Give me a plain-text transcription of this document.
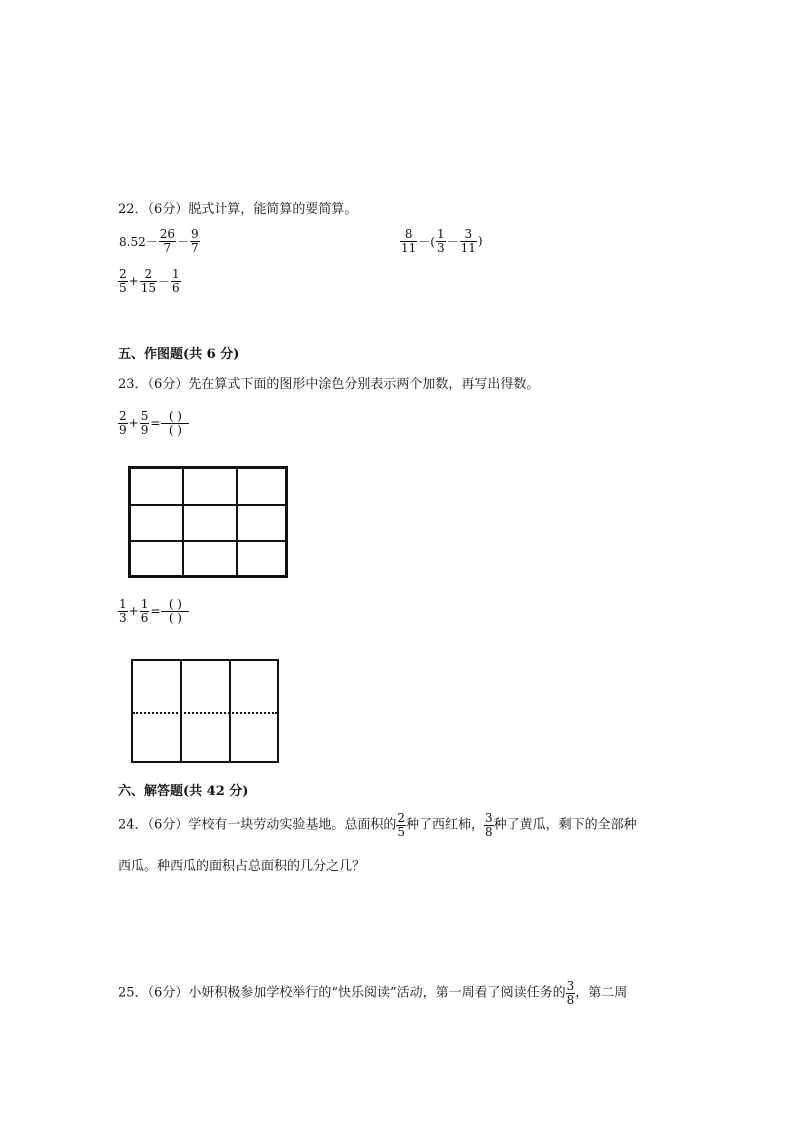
22．（6分）脱式计算，能简算的要简算。
$8.52- \frac{26}{7} - \frac{9}{7}$	$\frac{8}{11}$ －( $\frac{1}{3} - \frac{3}{11}$ )
$\frac{2}{5} + \frac{2}{15} - \frac{1}{6}$
五、作图题(共 6 分)
23．（6分）先在算式下面的图形中涂色分别表示两个加数，再写出得数。
$\frac{2}{9} + \frac{5}{9} = \frac{( )}{( )}$
$\frac{1}{3} + \frac{1}{6} = \frac{( )}{( )}$
六、解答题(共 42 分)
24．（6分）学校有一块劳动实验基地。总面积的 $\frac{2}{5}$ 种了西红柿， $\frac{3}{8}$ 种了黄瓜，剩下的全部种
西瓜。种西瓜的面积占总面积的几分之几？
25．（6分）小妍积极参加学校举行的“快乐阅读”活动，第一周看了阅读任务的 $\frac{3}{8}$ ，第二周
